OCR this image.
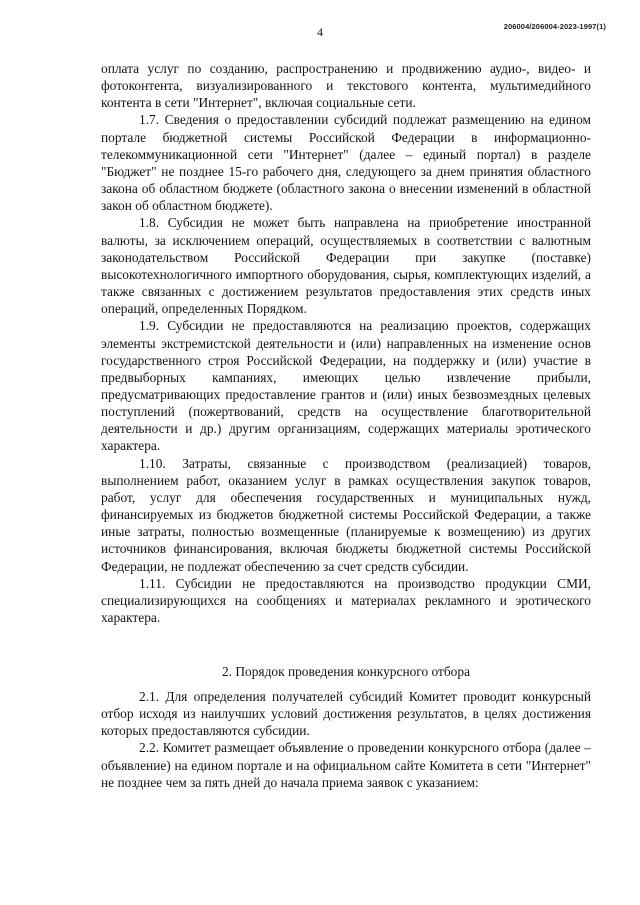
4	206004/206004-2023-1997(1)

оплата услуг по созданию, распространению и продвижению аудио-, видео- и фотоконтента, визуализированного и текстового контента, мультимедийного контента в сети "Интернет", включая социальные сети.

1.7. Сведения о предоставлении субсидий подлежат размещению на едином портале бюджетной системы Российской Федерации в информационно-телекоммуникационной сети "Интернет" (далее – единый портал) в разделе "Бюджет" не позднее 15-го рабочего дня, следующего за днем принятия областного закона об областном бюджете (областного закона о внесении изменений в областной закон об областном бюджете).

1.8. Субсидия не может быть направлена на приобретение иностранной валюты, за исключением операций, осуществляемых в соответствии с валютным законодательством Российской Федерации при закупке (поставке) высокотехнологичного импортного оборудования, сырья, комплектующих изделий, а также связанных с достижением результатов предоставления этих средств иных операций, определенных Порядком.

1.9. Субсидии не предоставляются на реализацию проектов, содержащих элементы экстремистской деятельности и (или) направленных на изменение основ государственного строя Российской Федерации, на поддержку и (или) участие в предвыборных кампаниях, имеющих целью извлечение прибыли, предусматривающих предоставление грантов и (или) иных безвозмездных целевых поступлений (пожертвований, средств на осуществление благотворительной деятельности и др.) другим организациям, содержащих материалы эротического характера.

1.10. Затраты, связанные с производством (реализацией) товаров, выполнением работ, оказанием услуг в рамках осуществления закупок товаров, работ, услуг для обеспечения государственных и муниципальных нужд, финансируемых из бюджетов бюджетной системы Российской Федерации, а также иные затраты, полностью возмещенные (планируемые к возмещению) из других источников финансирования, включая бюджеты бюджетной системы Российской Федерации, не подлежат обеспечению за счет средств субсидии.

1.11. Субсидии не предоставляются на производство продукции СМИ, специализирующихся на сообщениях и материалах рекламного и эротического характера.

2. Порядок проведения конкурсного отбора

2.1. Для определения получателей субсидий Комитет проводит конкурсный отбор исходя из наилучших условий достижения результатов, в целях достижения которых предоставляются субсидии.

2.2. Комитет размещает объявление о проведении конкурсного отбора (далее – объявление) на едином портале и на официальном сайте Комитета в сети "Интернет" не позднее чем за пять дней до начала приема заявок с указанием:
